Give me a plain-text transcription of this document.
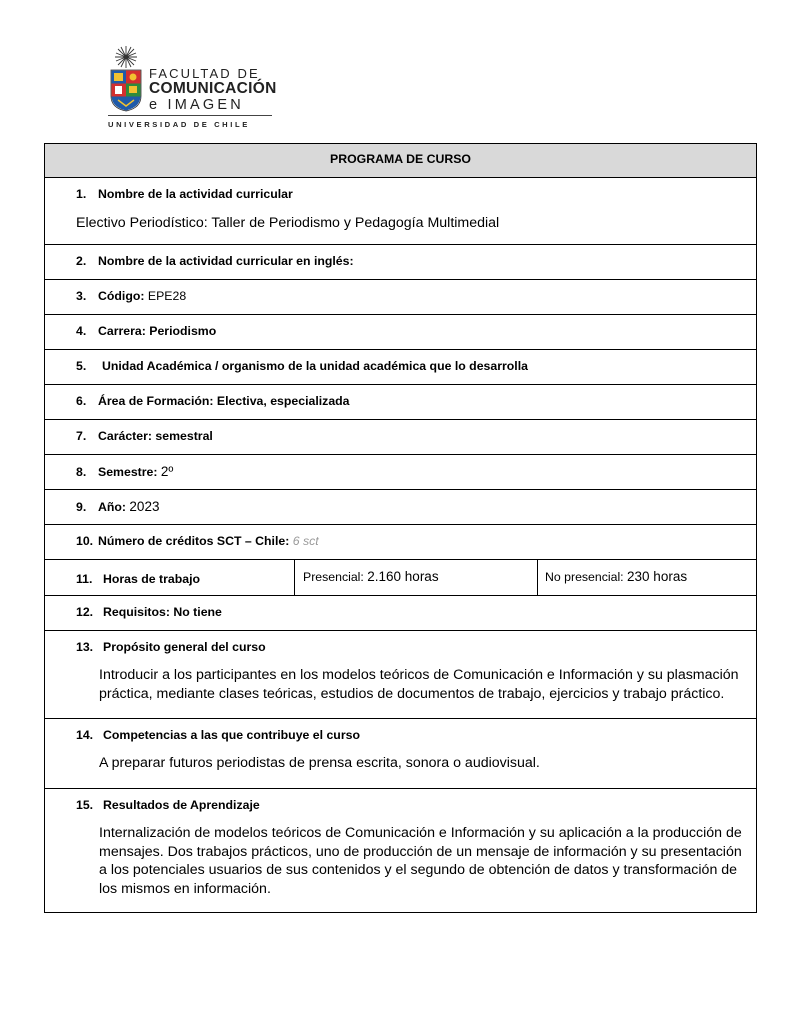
FACULTAD DE
COMUNICACIÓN
e IMAGEN
UNIVERSIDAD DE CHILE
PROGRAMA DE CURSO

1. Nombre de la actividad curricular
Electivo Periodístico: Taller de Periodismo y Pedagogía Multimedial

2. Nombre de la actividad curricular en inglés:
3. Código: EPE28
4. Carrera: Periodismo
5. Unidad Académica / organismo de la unidad académica que lo desarrolla
6. Área de Formación: Electiva, especializada
7. Carácter: semestral
8. Semestre: 2º
9. Año: 2023
10. Número de créditos SCT – Chile: 6 sct
11. Horas de trabajo	Presencial: 2.160 horas	No presencial: 230 horas
12. Requisitos: No tiene

13. Propósito general del curso
Introducir a los participantes en los modelos teóricos de Comunicación e Información y su plasmación práctica, mediante clases teóricas, estudios de documentos de trabajo, ejercicios y trabajo práctico.

14. Competencias a las que contribuye el curso
A preparar futuros periodistas de prensa escrita, sonora o audiovisual.

15. Resultados de Aprendizaje
Internalización de modelos teóricos de Comunicación e Información y su aplicación a la producción de mensajes. Dos trabajos prácticos, uno de producción de un mensaje de información y su presentación a los potenciales usuarios de sus contenidos y el segundo de obtención de datos y transformación de los mismos en información.
